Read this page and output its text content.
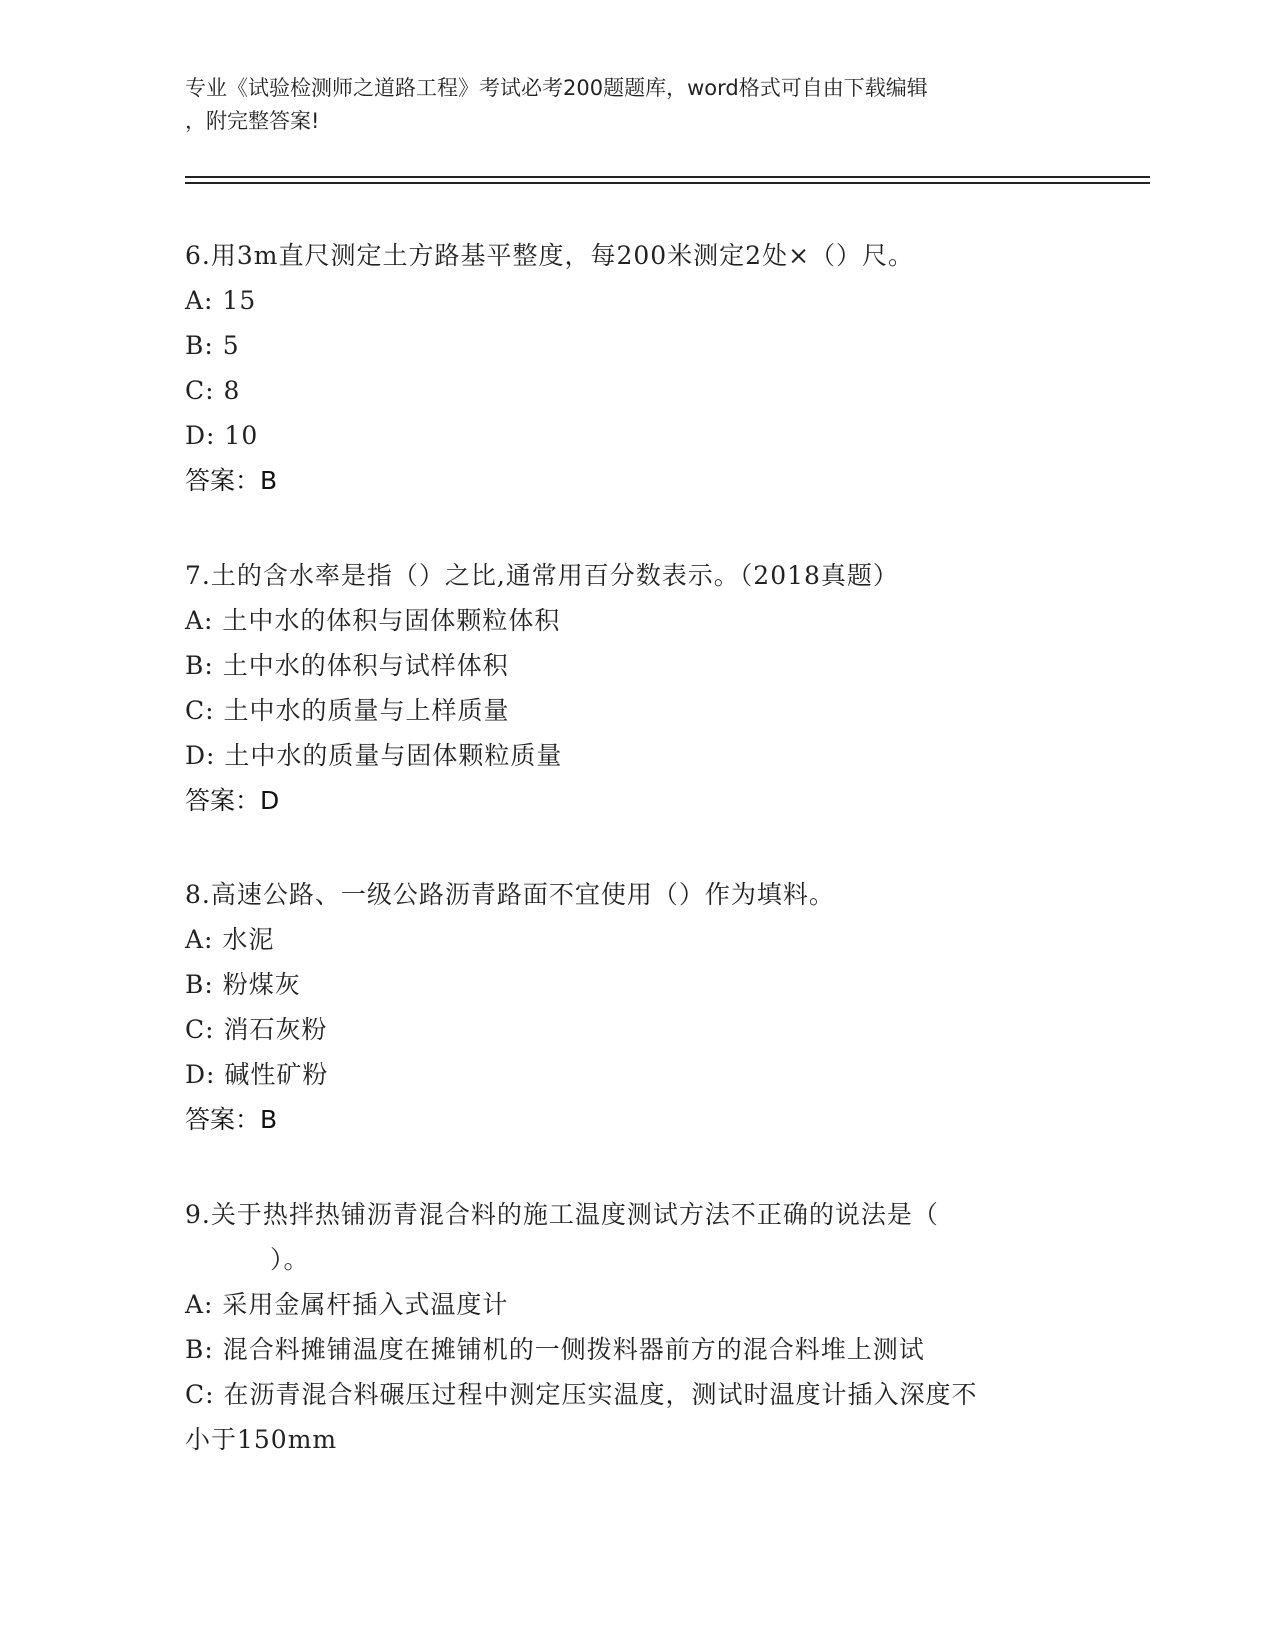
专业《试验检测师之道路工程》考试必考200题题库，word格式可自由下载编辑
，附完整答案!
6.用3m直尺测定土方路基平整度，每200米测定2处×（）尺。
A: 15
B: 5
C: 8
D: 10
答案：B
7.土的含水率是指（）之比,通常用百分数表示。（2018真题）
A: 土中水的体积与固体颗粒体积
B: 土中水的体积与试样体积
C: 土中水的质量与上样质量
D: 土中水的质量与固体颗粒质量
答案：D
8.高速公路、一级公路沥青路面不宜使用（）作为填料。
A: 水泥
B: 粉煤灰
C: 消石灰粉
D: 碱性矿粉
答案：B
9.关于热拌热铺沥青混合料的施工温度测试方法不正确的说法是（
）。
A: 采用金属杆插入式温度计
B: 混合料摊铺温度在摊铺机的一侧拨料器前方的混合料堆上测试
C: 在沥青混合料碾压过程中测定压实温度，测试时温度计插入深度不
小于150mm
